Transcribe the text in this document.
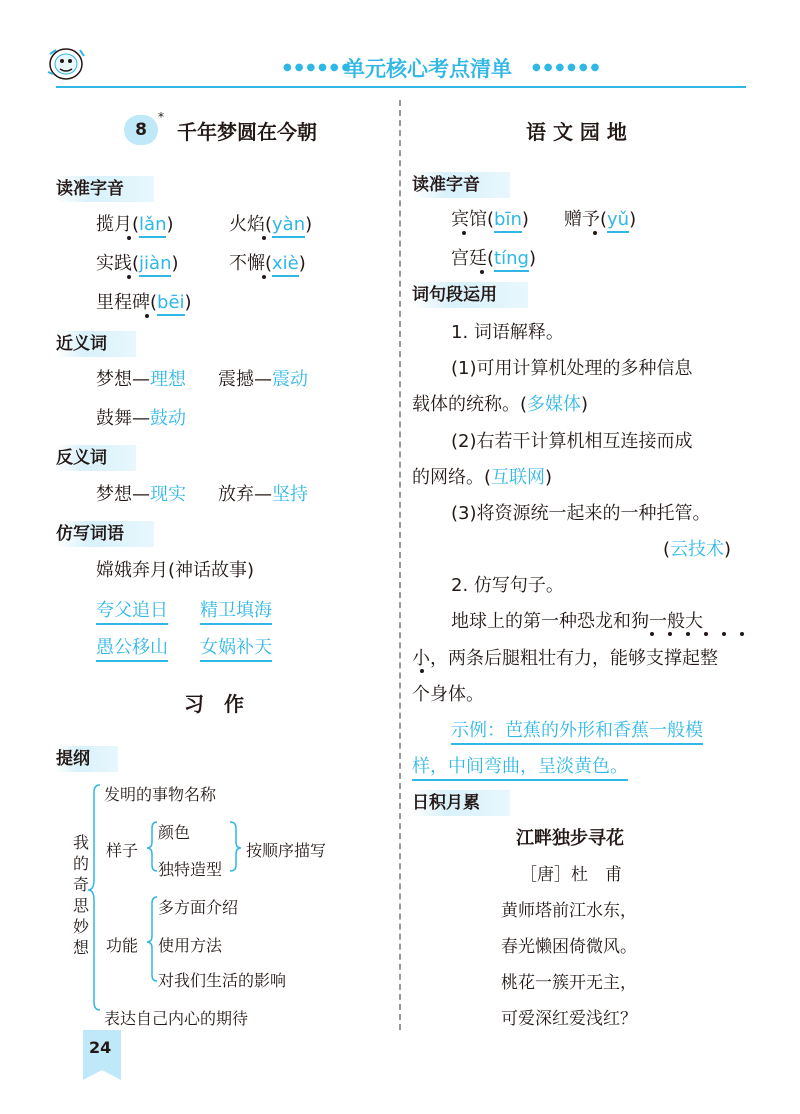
●●●●●●
单元核心考点清单 ●●●●●●
8
*
千年梦圆在今朝
读准字音
揽月(lǎn)	火焰(yàn)
实践(jiàn)	不懈(xiè)
里程碑(bēi)
近义词
梦想—理想 震撼—震动
鼓舞—鼓动
反义词
梦想—现实 放弃—坚持
仿写词语
嫦娥奔月(神话故事)
夸父追日 精卫填海
愚公移山 女娲补天
习　作
提纲
我的奇思妙想
发明的事物名称
样子
颜色
独特造型
按顺序描写
功能
多方面介绍
使用方法
对我们生活的影响
表达自己内心的期待
24
语 文 园 地
读准字音
宾馆(bīn) 赠予(yǔ)
宫廷(tíng)
词句段运用
1. 词语解释。
(1)可用计算机处理的多种信息
载体的统称。(多媒体)
(2)右若干计算机相互连接而成
的网络。(互联网)
(3)将资源统一起来的一种托管。
(云技术)
2. 仿写句子。
地球上的第一种恐龙和狗一般大
小，两条后腿粗壮有力，能够支撑起整
个身体。
示例：芭蕉的外形和香蕉一般模
样，中间弯曲，呈淡黄色。
日积月累
江畔独步寻花
［唐］杜　甫
黄师塔前江水东，
春光懒困倚微风。
桃花一簇开无主，
可爱深红爱浅红？
